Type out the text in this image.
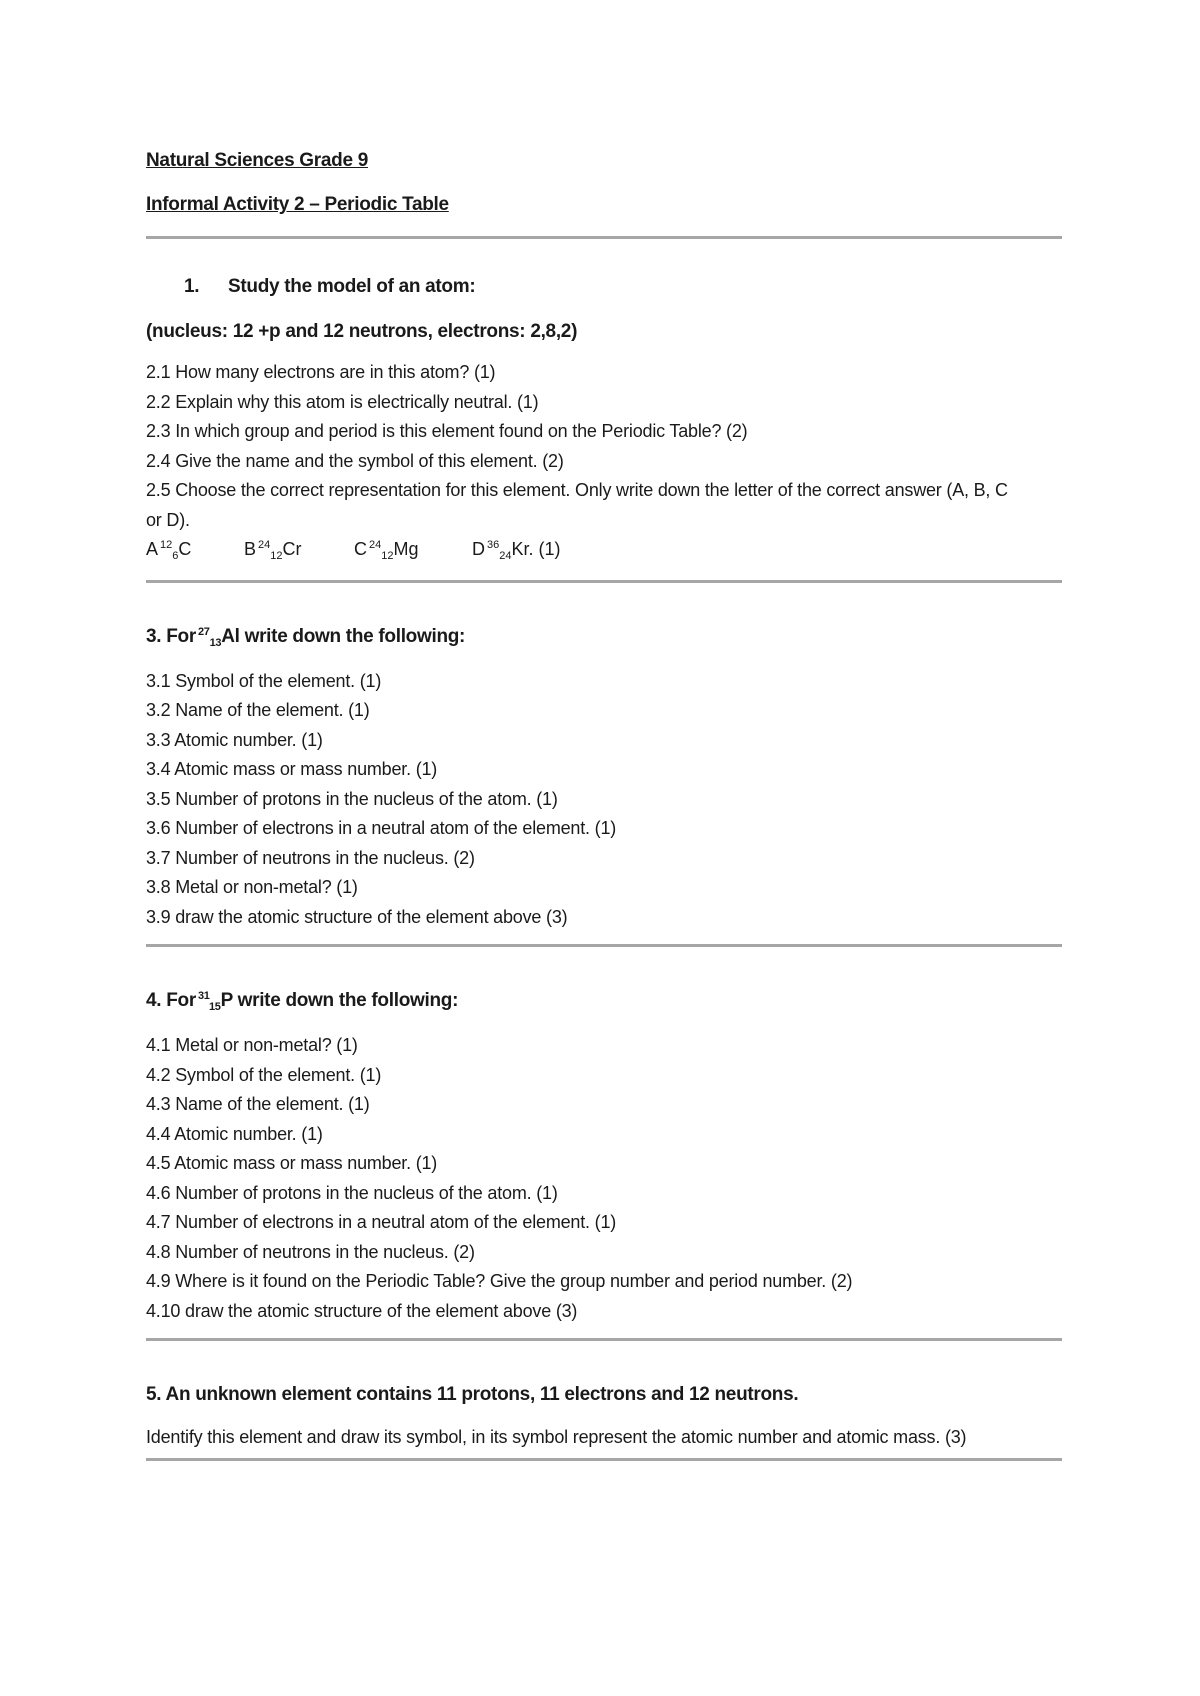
Natural Sciences Grade 9
Informal Activity 2 – Periodic Table
1. Study the model of an atom:
(nucleus: 12 +p and 12 neutrons, electrons: 2,8,2)
2.1 How many electrons are in this atom? (1)
2.2 Explain why this atom is electrically neutral. (1)
2.3 In which group and period is this element found on the Periodic Table? (2)
2.4 Give the name and the symbol of this element. (2)
2.5 Choose the correct representation for this element. Only write down the letter of the correct answer (A, B, C or D).
A $^{12}_6$C	B $^{24}_{12}$Cr	C $^{24}_{12}$Mg	D $^{36}_{24}$Kr. (1)
3. For $^{27}_{13}$Al write down the following:
3.1 Symbol of the element. (1)
3.2 Name of the element. (1)
3.3 Atomic number. (1)
3.4 Atomic mass or mass number. (1)
3.5 Number of protons in the nucleus of the atom. (1)
3.6 Number of electrons in a neutral atom of the element. (1)
3.7 Number of neutrons in the nucleus. (2)
3.8 Metal or non-metal? (1)
3.9 draw the atomic structure of the element above (3)
4. For $^{31}_{15}$P write down the following:
4.1 Metal or non-metal? (1)
4.2 Symbol of the element. (1)
4.3 Name of the element. (1)
4.4 Atomic number. (1)
4.5 Atomic mass or mass number. (1)
4.6 Number of protons in the nucleus of the atom. (1)
4.7 Number of electrons in a neutral atom of the element. (1)
4.8 Number of neutrons in the nucleus. (2)
4.9 Where is it found on the Periodic Table? Give the group number and period number. (2)
4.10 draw the atomic structure of the element above (3)
5. An unknown element contains 11 protons, 11 electrons and 12 neutrons.
Identify this element and draw its symbol, in its symbol represent the atomic number and atomic mass. (3)
